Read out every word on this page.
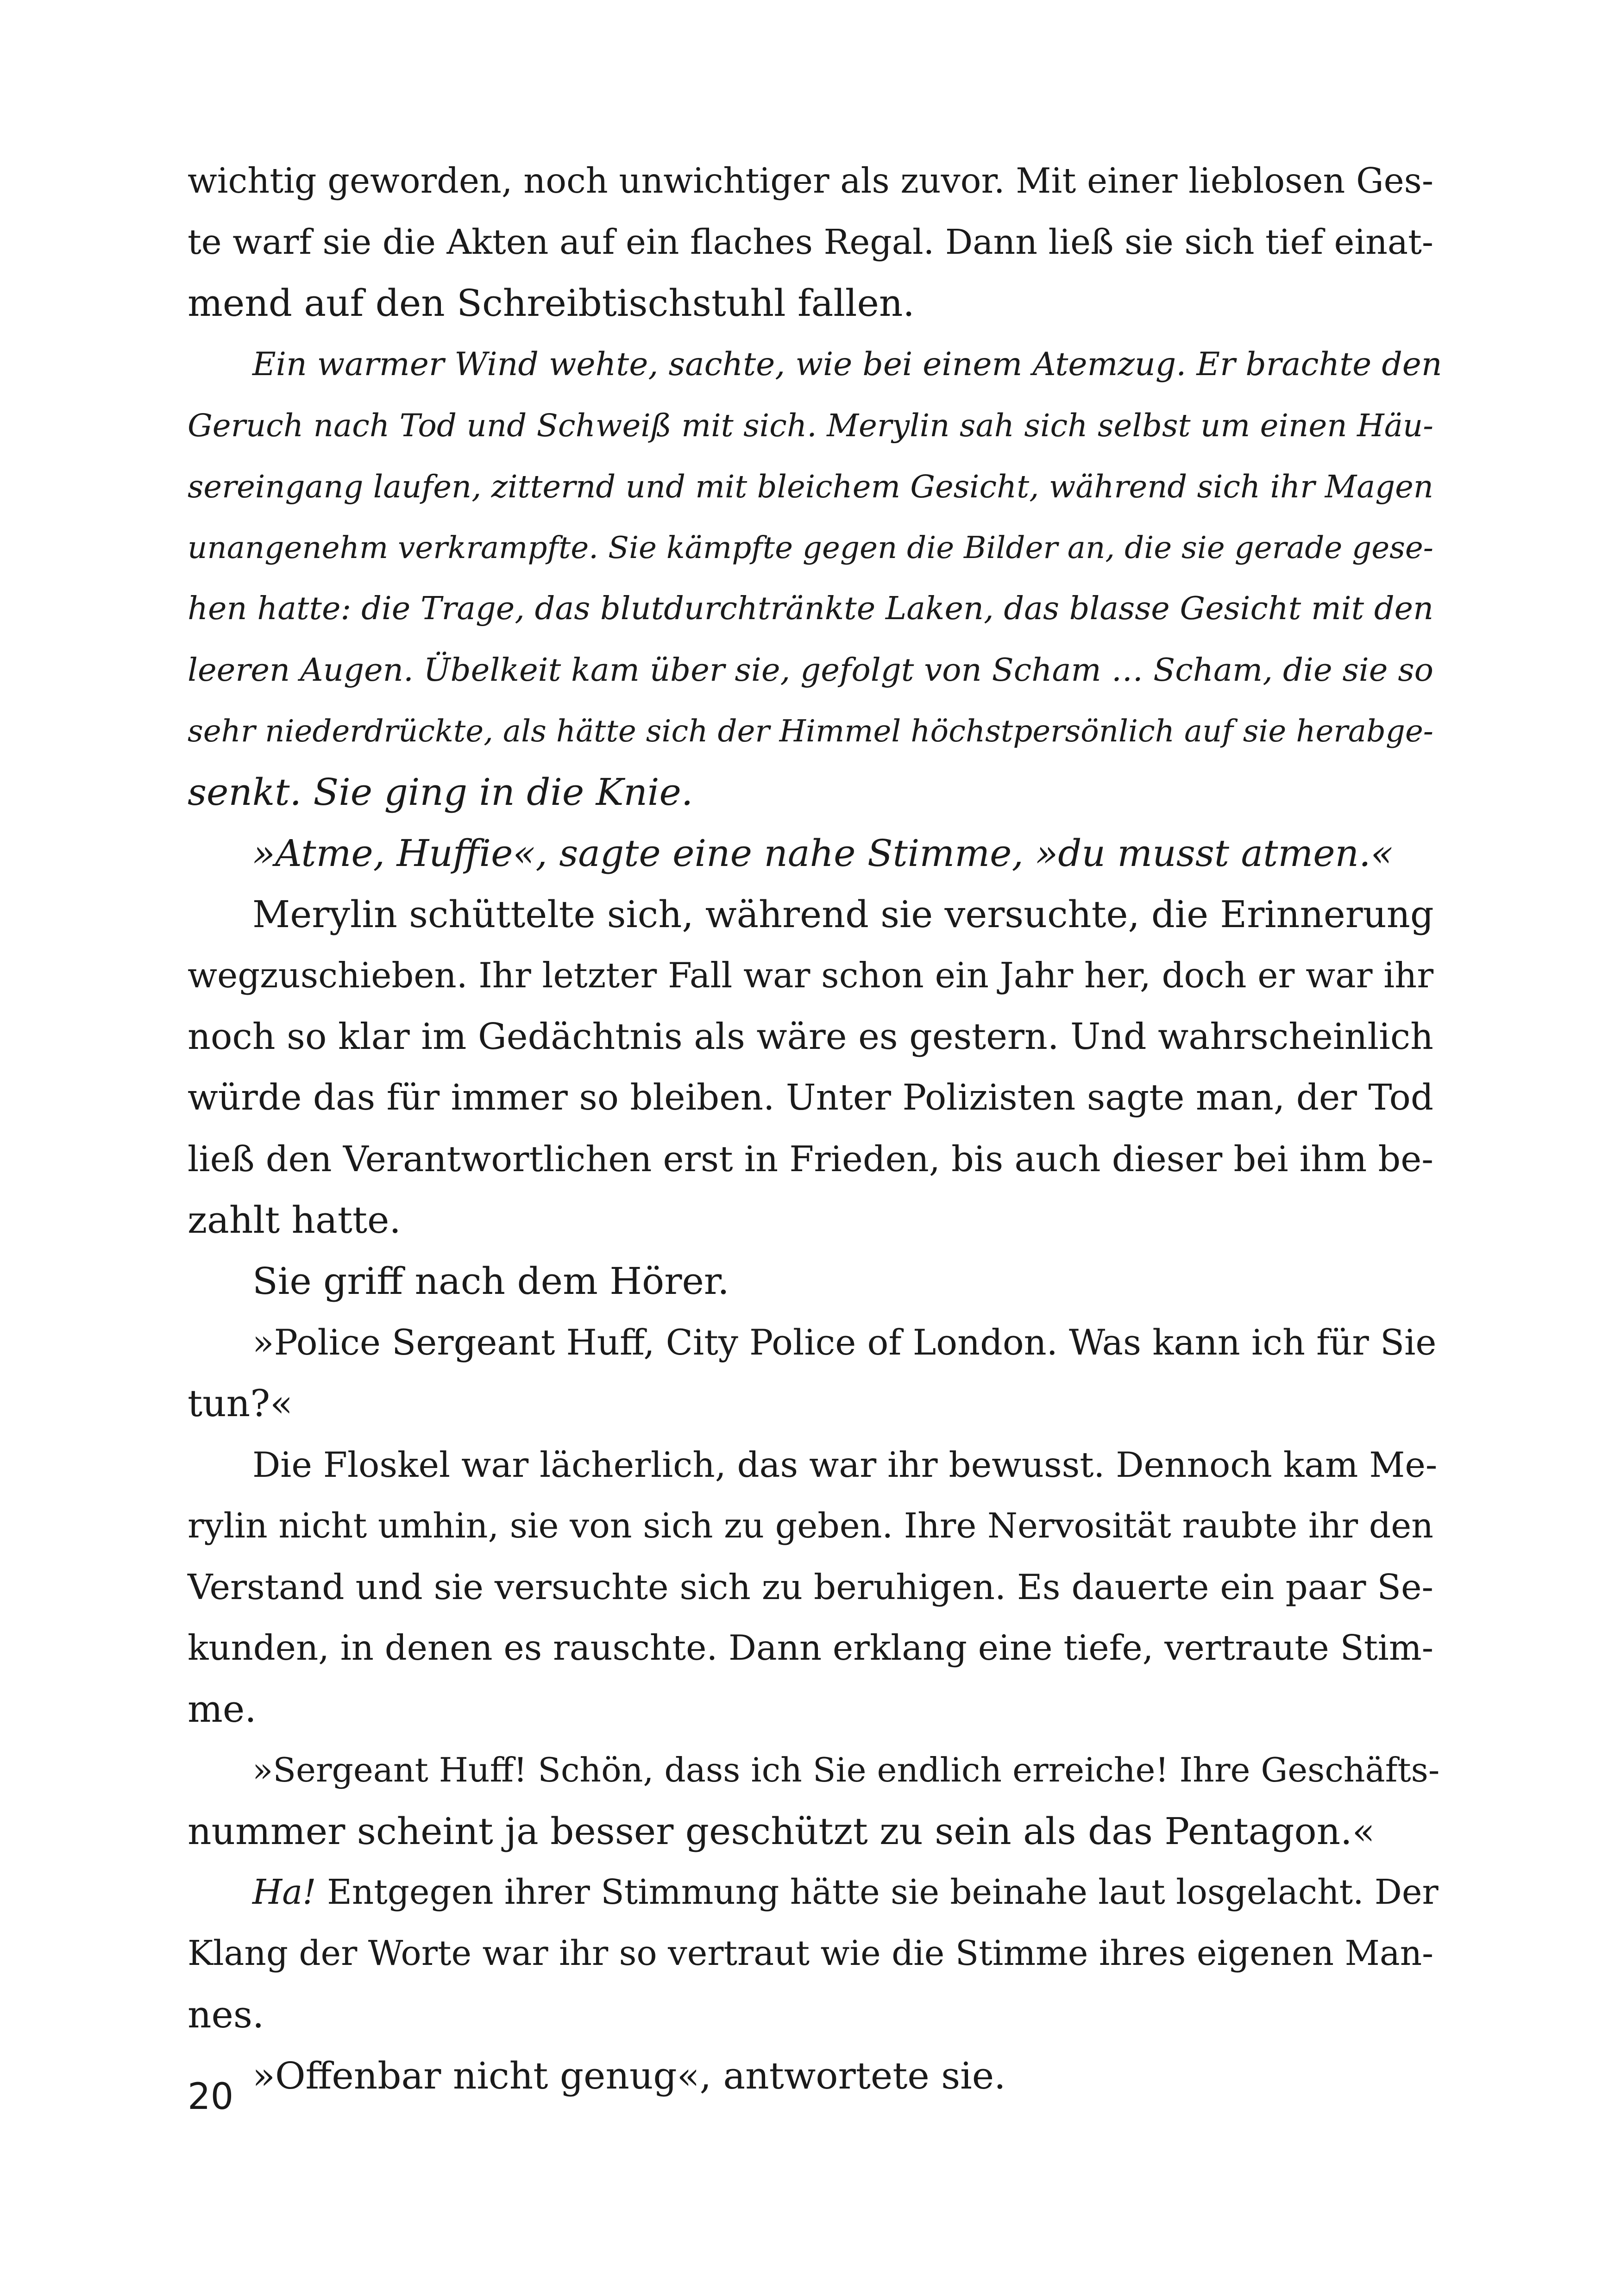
wichtig geworden, noch unwichtiger als zuvor. Mit einer lieblosen Ges-
te warf sie die Akten auf ein flaches Regal. Dann ließ sie sich tief einat-
mend auf den Schreibtischstuhl fallen.
Ein warmer Wind wehte, sachte, wie bei einem Atemzug. Er brachte den
Geruch nach Tod und Schweiß mit sich. Merylin sah sich selbst um einen Häu-
sereingang laufen, zitternd und mit bleichem Gesicht, während sich ihr Magen
unangenehm verkrampfte. Sie kämpfte gegen die Bilder an, die sie gerade gese-
hen hatte: die Trage, das blutdurchtränkte Laken, das blasse Gesicht mit den
leeren Augen. Übelkeit kam über sie, gefolgt von Scham … Scham, die sie so
sehr niederdrückte, als hätte sich der Himmel höchstpersönlich auf sie herabge-
senkt. Sie ging in die Knie.
»Atme, Huffie«, sagte eine nahe Stimme, »du musst atmen.«
Merylin schüttelte sich, während sie versuchte, die Erinnerung
wegzuschieben. Ihr letzter Fall war schon ein Jahr her, doch er war ihr
noch so klar im Gedächtnis als wäre es gestern. Und wahrscheinlich
würde das für immer so bleiben. Unter Polizisten sagte man, der Tod
ließ den Verantwortlichen erst in Frieden, bis auch dieser bei ihm be-
zahlt hatte.
Sie griff nach dem Hörer.
»Police Sergeant Huff, City Police of London. Was kann ich für Sie
tun?«
Die Floskel war lächerlich, das war ihr bewusst. Dennoch kam Me-
rylin nicht umhin, sie von sich zu geben. Ihre Nervosität raubte ihr den
Verstand und sie versuchte sich zu beruhigen. Es dauerte ein paar Se-
kunden, in denen es rauschte. Dann erklang eine tiefe, vertraute Stim-
me.
»Sergeant Huff! Schön, dass ich Sie endlich erreiche! Ihre Geschäfts-
nummer scheint ja besser geschützt zu sein als das Pentagon.«
Ha! Entgegen ihrer Stimmung hätte sie beinahe laut losgelacht. Der
Klang der Worte war ihr so vertraut wie die Stimme ihres eigenen Man-
nes.
»Offenbar nicht genug«, antwortete sie.
20
